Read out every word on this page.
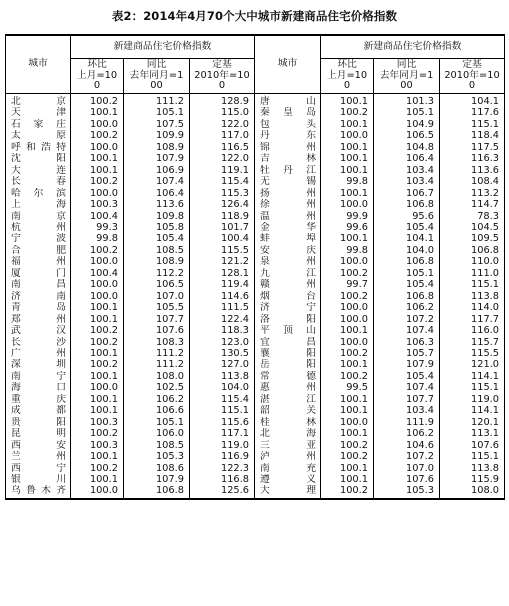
表2：2014年4月70个大中城市新建商品住宅价格指数
城市	新建商品住宅价格指数			城市	新建商品住宅价格指数		
	环比
上月=10
0	同比
去年同月=1
00	定基
2010年=10
0		环比
上月=10
0	同比
去年同月=1
00	定基
2010年=10
0
北京	100.2	111.2	128.9	唐山	100.1	101.3	104.1
天津	100.1	105.1	115.0	秦皇岛	100.2	105.1	117.6
石家庄	100.0	107.5	122.0	包头	100.1	104.9	115.1
太原	100.2	109.9	117.0	丹东	100.0	106.5	118.4
呼和浩特	100.0	108.9	116.5	锦州	100.1	104.8	117.5
沈阳	100.1	107.9	122.0	吉林	100.1	106.4	116.3
大连	100.1	106.9	119.1	牡丹江	100.1	103.4	113.6
长春	100.2	107.4	115.4	无锡	99.8	103.4	108.4
哈尔滨	100.0	106.4	115.3	扬州	100.1	106.7	113.2
上海	100.3	113.6	126.4	徐州	100.0	106.8	114.7
南京	100.4	109.8	118.9	温州	99.9	95.6	78.3
杭州	99.3	105.8	101.7	金华	99.6	105.4	104.5
宁波	99.8	105.4	100.4	蚌埠	100.1	104.1	109.5
合肥	100.2	108.5	115.5	安庆	99.8	104.0	106.8
福州	100.0	108.9	121.2	泉州	100.0	106.8	110.0
厦门	100.4	112.2	128.1	九江	100.2	105.1	111.0
南昌	100.0	106.5	119.4	赣州	99.7	105.4	115.1
济南	100.0	107.0	114.6	烟台	100.2	106.8	113.8
青岛	100.1	105.5	111.5	济宁	100.0	106.2	114.0
郑州	100.1	107.7	122.4	洛阳	100.0	107.2	117.7
武汉	100.2	107.6	118.3	平顶山	100.1	107.4	116.0
长沙	100.2	108.3	123.0	宜昌	100.0	106.3	115.7
广州	100.1	111.2	130.5	襄阳	100.2	105.7	115.5
深圳	100.2	111.2	127.0	岳阳	100.1	107.9	121.0
南宁	100.1	108.0	113.8	常德	100.2	105.4	114.1
海口	100.0	102.5	104.0	惠州	99.5	107.4	115.1
重庆	100.1	106.2	115.4	湛江	100.1	107.7	119.0
成都	100.1	106.6	115.1	韶关	100.1	103.4	114.1
贵阳	100.3	105.1	115.6	桂林	100.0	111.9	120.1
昆明	100.2	106.0	117.1	北海	100.1	106.2	113.1
西安	100.3	108.5	119.0	三亚	100.2	104.6	107.6
兰州	100.1	105.3	116.9	泸州	100.2	107.2	115.1
西宁	100.2	108.6	122.3	南充	100.1	107.0	113.8
银川	100.1	107.9	116.8	遵义	100.1	107.6	115.9
乌鲁木齐	100.0	106.8	125.6	大理	100.2	105.3	108.0
